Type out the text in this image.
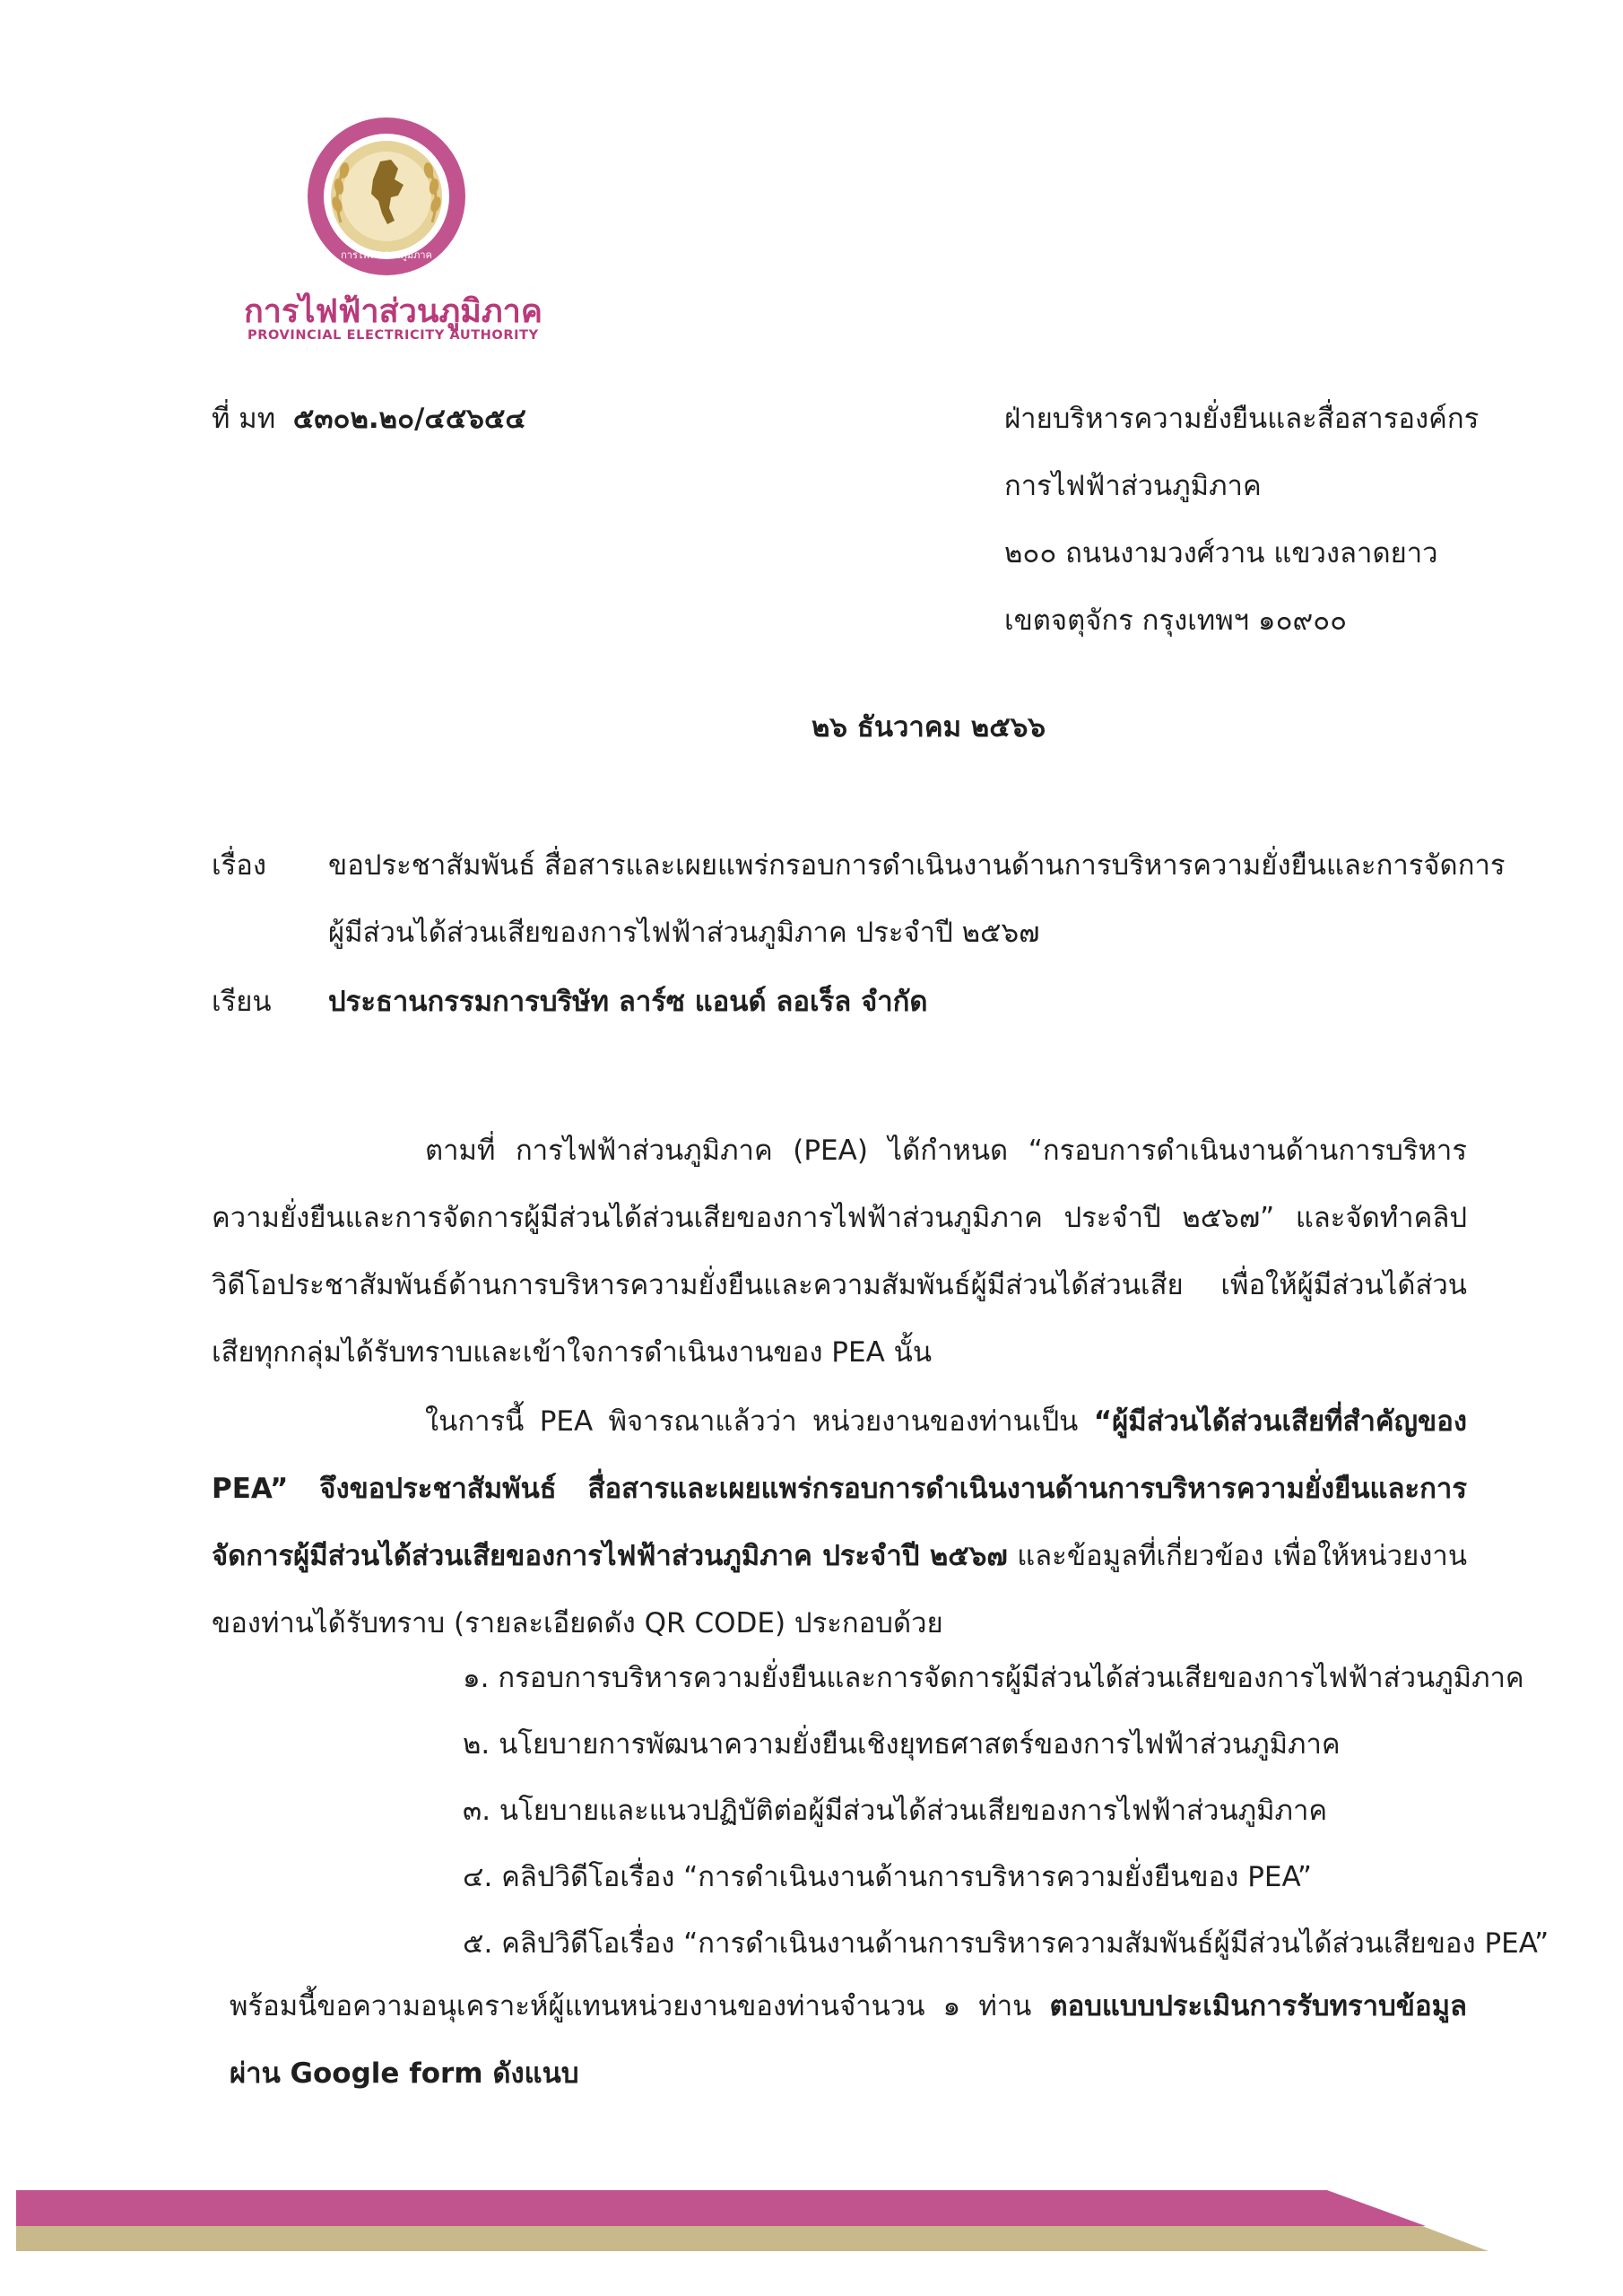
การไฟฟ้าส่วนภูมิภาค
การไฟฟ้าส่วนภูมิภาค
PROVINCIAL ELECTRICITY AUTHORITY
ที่ มท ๕๓๐๒.๒๐/๔๕๖๕๔	ฝ่ายบริหารความยั่งยืนและสื่อสารองค์กร
การไฟฟ้าส่วนภูมิภาค
๒๐๐ ถนนงามวงศ์วาน แขวงลาดยาว
เขตจตุจักร กรุงเทพฯ ๑๐๙๐๐
๒๖ ธันวาคม ๒๕๖๖
เรื่อง ขอประชาสัมพันธ์ สื่อสารและเผยแพร่กรอบการดำเนินงานด้านการบริหารความยั่งยืนและการจัดการ
ผู้มีส่วนได้ส่วนเสียของการไฟฟ้าส่วนภูมิภาค ประจำปี ๒๕๖๗
เรียน ประธานกรรมการบริษัท ลาร์ซ แอนด์ ลอเร็ล จำกัด
ตามที่ การไฟฟ้าส่วนภูมิภาค (PEA) ได้กำหนด “กรอบการดำเนินงานด้านการบริหารความยั่งยืนและการจัดการผู้มีส่วนได้ส่วนเสียของการไฟฟ้าส่วนภูมิภาค ประจำปี ๒๕๖๗” และจัดทำคลิปวิดีโอประชาสัมพันธ์ด้านการบริหารความยั่งยืนและความสัมพันธ์ผู้มีส่วนได้ส่วนเสีย เพื่อให้ผู้มีส่วนได้ส่วนเสียทุกกลุ่มได้รับทราบและเข้าใจการดำเนินงานของ PEA นั้น
ในการนี้ PEA พิจารณาแล้วว่า หน่วยงานของท่านเป็น “ผู้มีส่วนได้ส่วนเสียที่สำคัญของ PEA” จึงขอประชาสัมพันธ์ สื่อสารและเผยแพร่กรอบการดำเนินงานด้านการบริหารความยั่งยืนและการจัดการผู้มีส่วนได้ส่วนเสียของการไฟฟ้าส่วนภูมิภาค ประจำปี ๒๕๖๗ และข้อมูลที่เกี่ยวข้อง เพื่อให้หน่วยงานของท่านได้รับทราบ (รายละเอียดดัง QR CODE) ประกอบด้วย
๑. กรอบการบริหารความยั่งยืนและการจัดการผู้มีส่วนได้ส่วนเสียของการไฟฟ้าส่วนภูมิภาค
๒. นโยบายการพัฒนาความยั่งยืนเชิงยุทธศาสตร์ของการไฟฟ้าส่วนภูมิภาค
๓. นโยบายและแนวปฏิบัติต่อผู้มีส่วนได้ส่วนเสียของการไฟฟ้าส่วนภูมิภาค
๔. คลิปวิดีโอเรื่อง “การดำเนินงานด้านการบริหารความยั่งยืนของ PEA”
๕. คลิปวิดีโอเรื่อง “การดำเนินงานด้านการบริหารความสัมพันธ์ผู้มีส่วนได้ส่วนเสียของ PEA”
พร้อมนี้ขอความอนุเคราะห์ผู้แทนหน่วยงานของท่านจำนวน ๑ ท่าน ตอบแบบประเมินการรับทราบข้อมูลผ่าน Google form ดังแนบ
